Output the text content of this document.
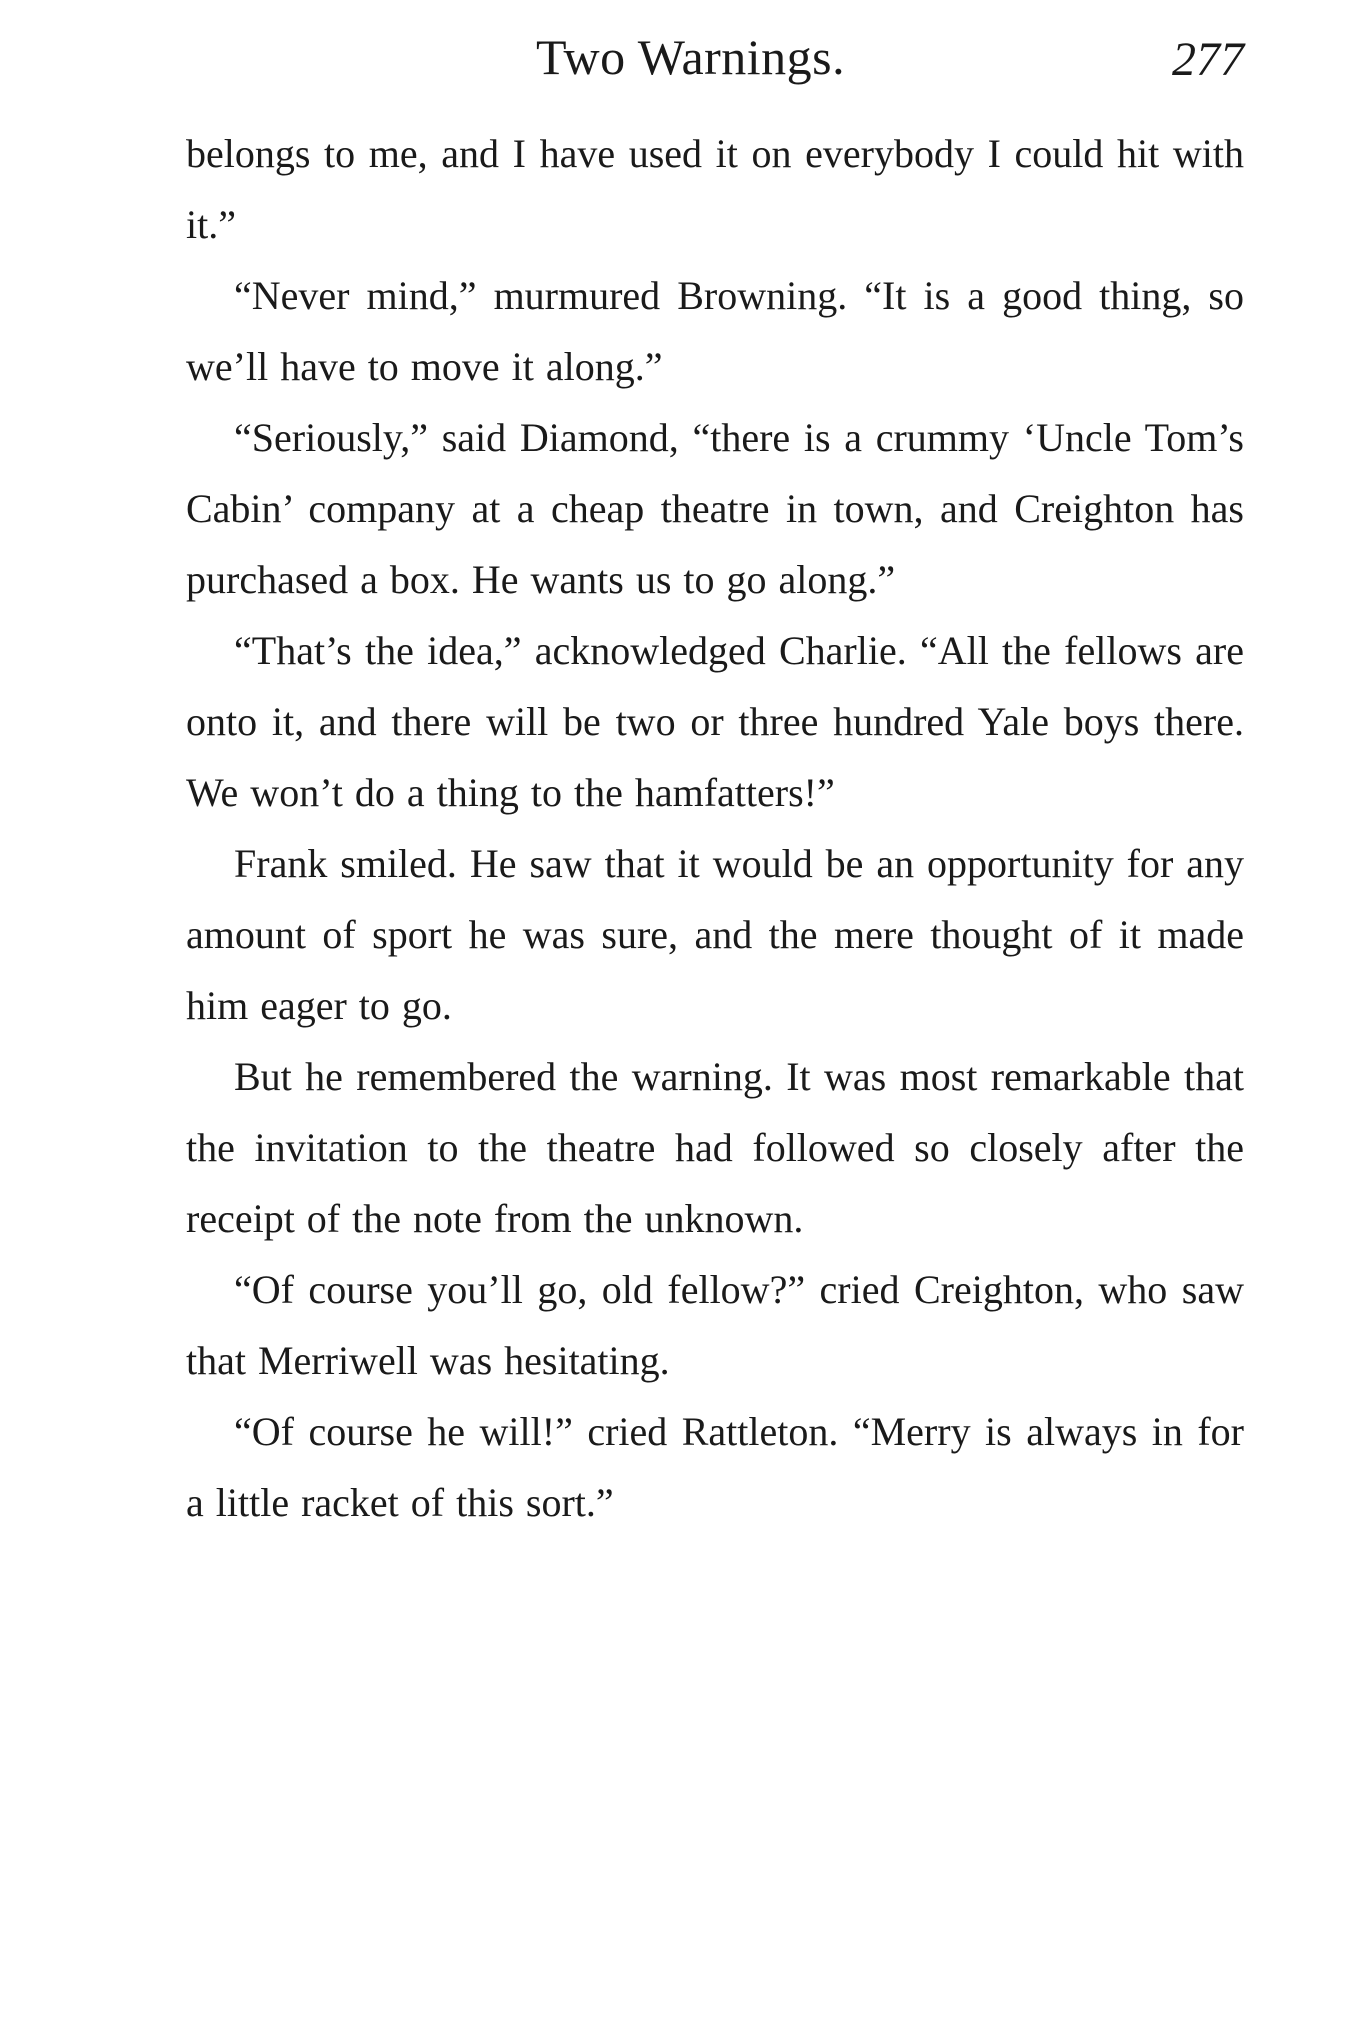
Two Warnings.	277

belongs to me, and I have used it on everybody I could hit with it.”

“Never mind,” murmured Browning. “It is a good thing, so we’ll have to move it along.”

“Seriously,” said Diamond, “there is a crummy ‘Uncle Tom’s Cabin’ company at a cheap theatre in town, and Creighton has purchased a box. He wants us to go along.”

“That’s the idea,” acknowledged Charlie. “All the fellows are onto it, and there will be two or three hundred Yale boys there. We won’t do a thing to the hamfatters!”

Frank smiled. He saw that it would be an opportunity for any amount of sport he was sure, and the mere thought of it made him eager to go.

But he remembered the warning. It was most remarkable that the invitation to the theatre had followed so closely after the receipt of the note from the unknown.

“Of course you’ll go, old fellow?” cried Creighton, who saw that Merriwell was hesitating.

“Of course he will!” cried Rattleton. “Merry is always in for a little racket of this sort.”
